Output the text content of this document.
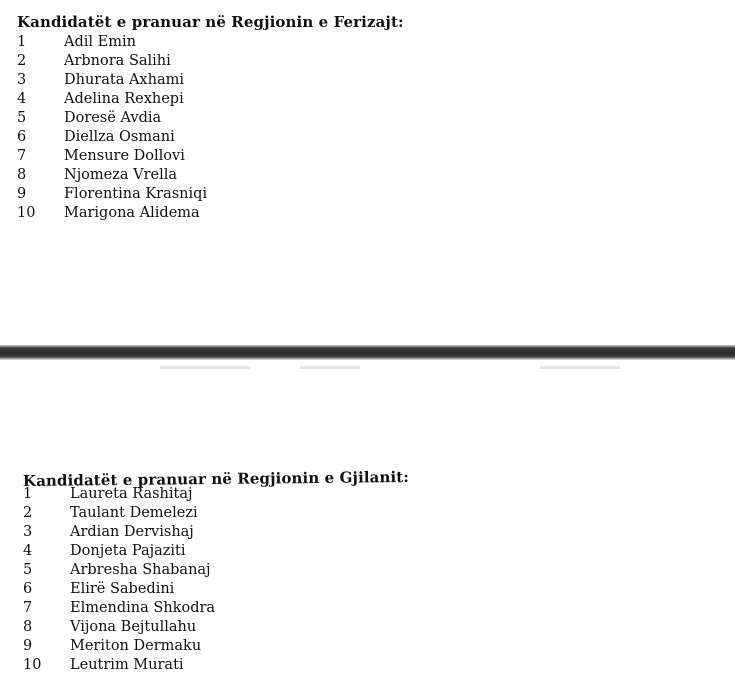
Kandidatët e pranuar në Regjionin e Ferizajt:
1	Adil Emin
2	Arbnora Salihi
3	Dhurata Axhami
4	Adelina Rexhepi
5	Doresë Avdia
6	Diellza Osmani
7	Mensure Dollovi
8	Njomeza Vrella
9	Florentina Krasniqi
10	Marigona Alidema
Kandidatët e pranuar në Regjionin e Gjilanit:
1	Laureta Rashitaj
2	Taulant Demelezi
3	Ardian Dervishaj
4	Donjeta Pajaziti
5	Arbresha Shabanaj
6	Elirë Sabedini
7	Elmendina Shkodra
8	Vijona Bejtullahu
9	Meriton Dermaku
10	Leutrim Murati
